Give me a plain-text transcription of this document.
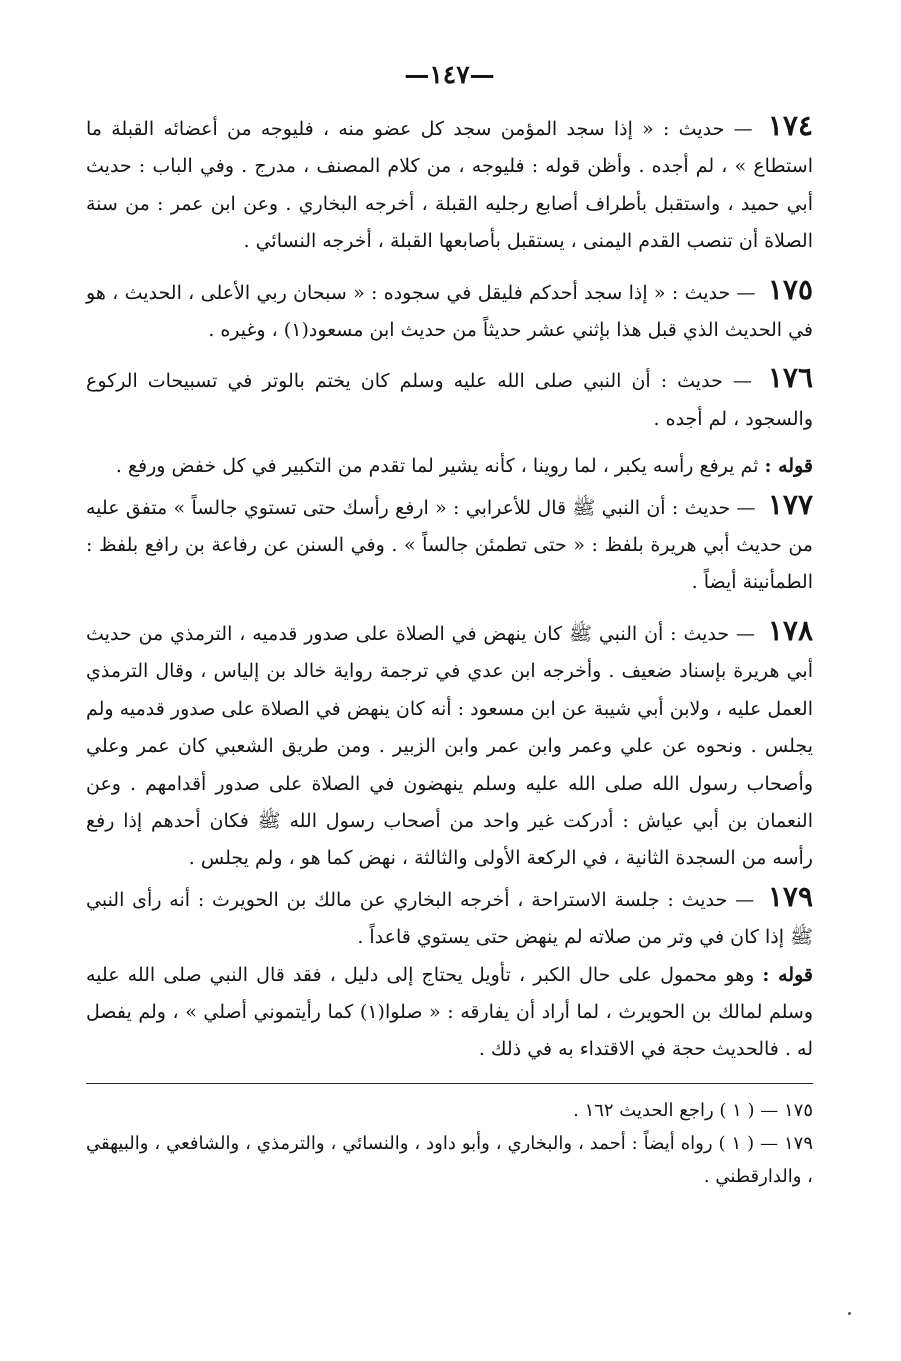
—١٤٧—

١٧٤ — حديث : « إذا سجد المؤمن سجد كل عضو منه ، فليوجه من أعضائه القبلة ما استطاع » ، لم أجده . وأظن قوله : فليوجه ، من كلام المصنف ، مدرج . وفي الباب : حديث أبي حميد ، واستقبل بأطراف أصابع رجليه القبلة ، أخرجه البخاري . وعن ابن عمر : من سنة الصلاة أن تنصب القدم اليمنى ، يستقبل بأصابعها القبلة ، أخرجه النسائي .

١٧٥ — حديث : « إذا سجد أحدكم فليقل في سجوده : « سبحان ربي الأعلى ، الحديث ، هو في الحديث الذي قبل هذا بإثني عشر حديثاً من حديث ابن مسعود(١) ، وغيره .

١٧٦ — حديث : أن النبي صلى الله عليه وسلم كان يختم بالوتر في تسبيحات الركوع والسجود ، لم أجده .

قوله : ثم يرفع رأسه يكبر ، لما روينا ، كأنه يشير لما تقدم من التكبير في كل خفض ورفع .

١٧٧ — حديث : أن النبي ﷺ قال للأعرابي : « ارفع رأسك حتى تستوي جالساً » متفق عليه من حديث أبي هريرة بلفظ : « حتى تطمئن جالساً » . وفي السنن عن رفاعة بن رافع بلفظ : الطمأنينة أيضاً .

١٧٨ — حديث : أن النبي ﷺ كان ينهض في الصلاة على صدور قدميه ، الترمذي من حديث أبي هريرة بإسناد ضعيف . وأخرجه ابن عدي في ترجمة رواية خالد بن إلياس ، وقال الترمذي العمل عليه ، ولابن أبي شيبة عن ابن مسعود : أنه كان ينهض في الصلاة على صدور قدميه ولم يجلس . ونحوه عن علي وعمر وابن عمر وابن الزبير . ومن طريق الشعبي كان عمر وعلي وأصحاب رسول الله صلى الله عليه وسلم ينهضون في الصلاة على صدور أقدامهم . وعن النعمان بن أبي عياش : أدركت غير واحد من أصحاب رسول الله ﷺ فكان أحدهم إذا رفع رأسه من السجدة الثانية ، في الركعة الأولى والثالثة ، نهض كما هو ، ولم يجلس .

١٧٩ — حديث : جلسة الاستراحة ، أخرجه البخاري عن مالك بن الحويرث : أنه رأى النبي ﷺ إذا كان في وتر من صلاته لم ينهض حتى يستوي قاعداً .

قوله : وهو محمول على حال الكبر ، تأويل يحتاج إلى دليل ، فقد قال النبي صلى الله عليه وسلم لمالك بن الحويرث ، لما أراد أن يفارقه : « صلوا(١) كما رأيتموني أصلي » ، ولم يفصل له . فالحديث حجة في الاقتداء به في ذلك .

١٧٥ — ( ١ ) راجع الحديث ١٦٢ .

١٧٩ — ( ١ ) رواه أيضاً : أحمد ، والبخاري ، وأبو داود ، والنسائي ، والترمذي ، والشافعي ، والبيهقي ، والدارقطني .
